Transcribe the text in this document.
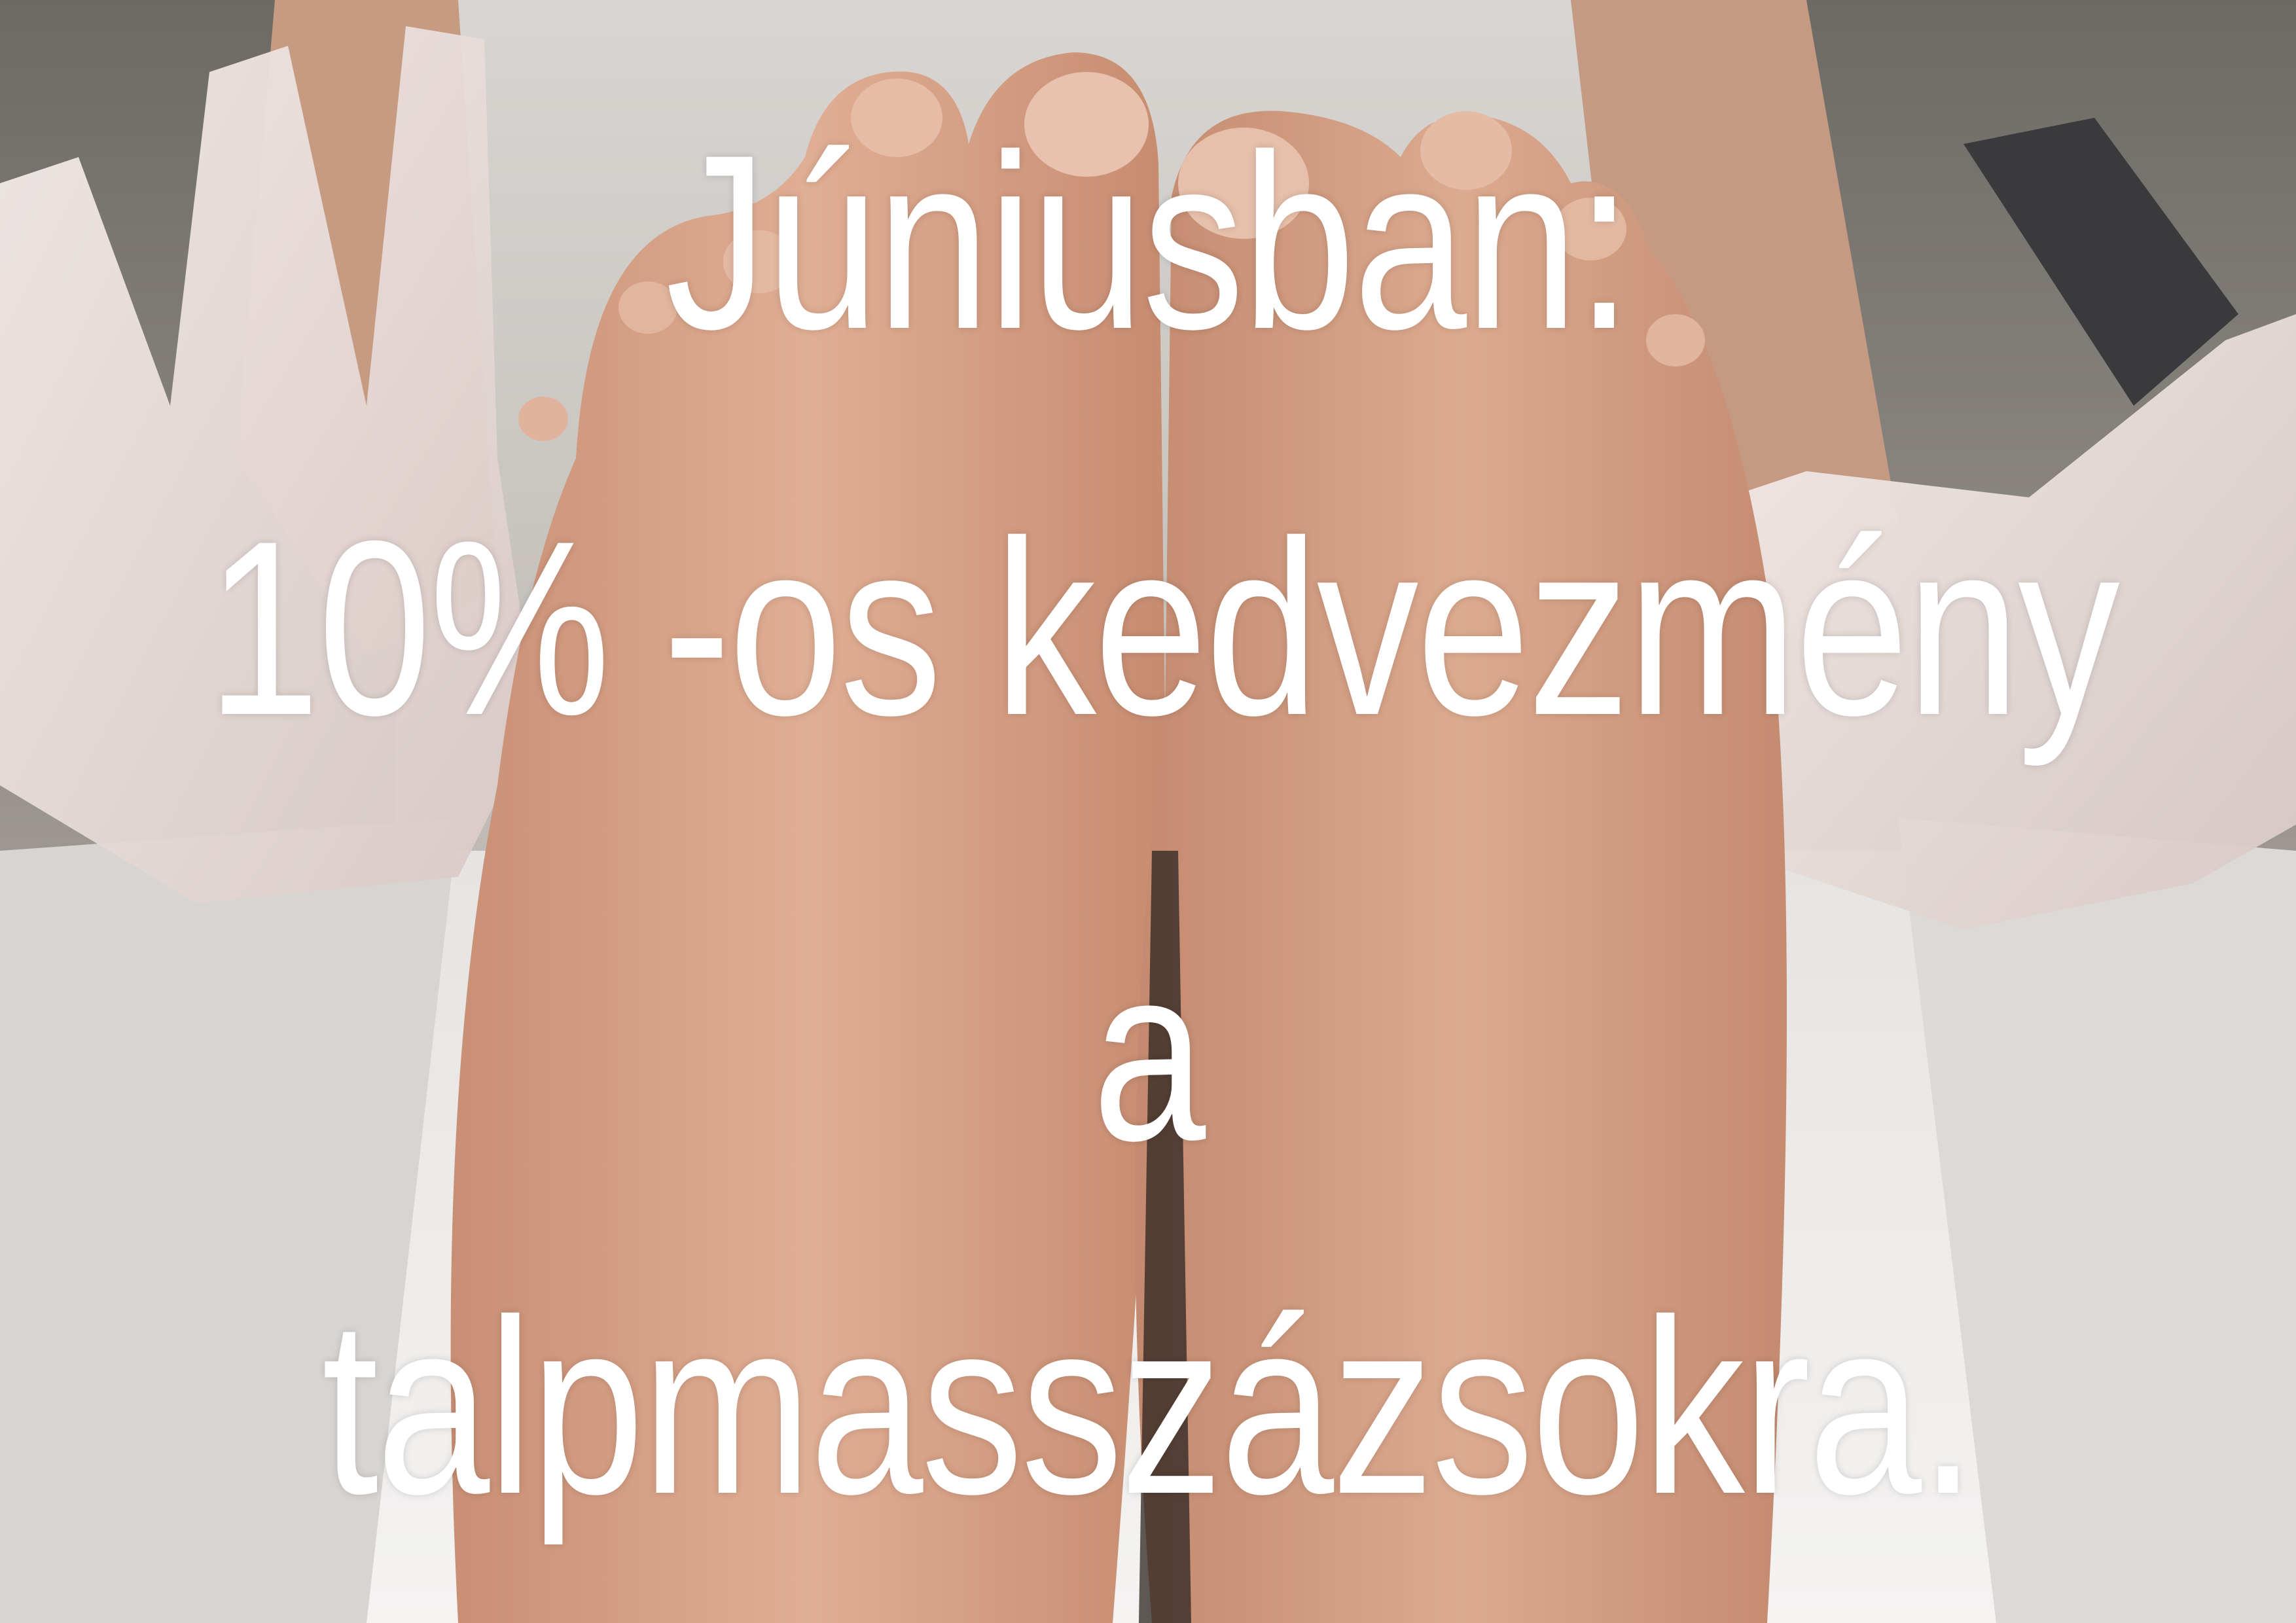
Júniusban:
10% -os kedvezmény
a
talpmasszázsokra.
